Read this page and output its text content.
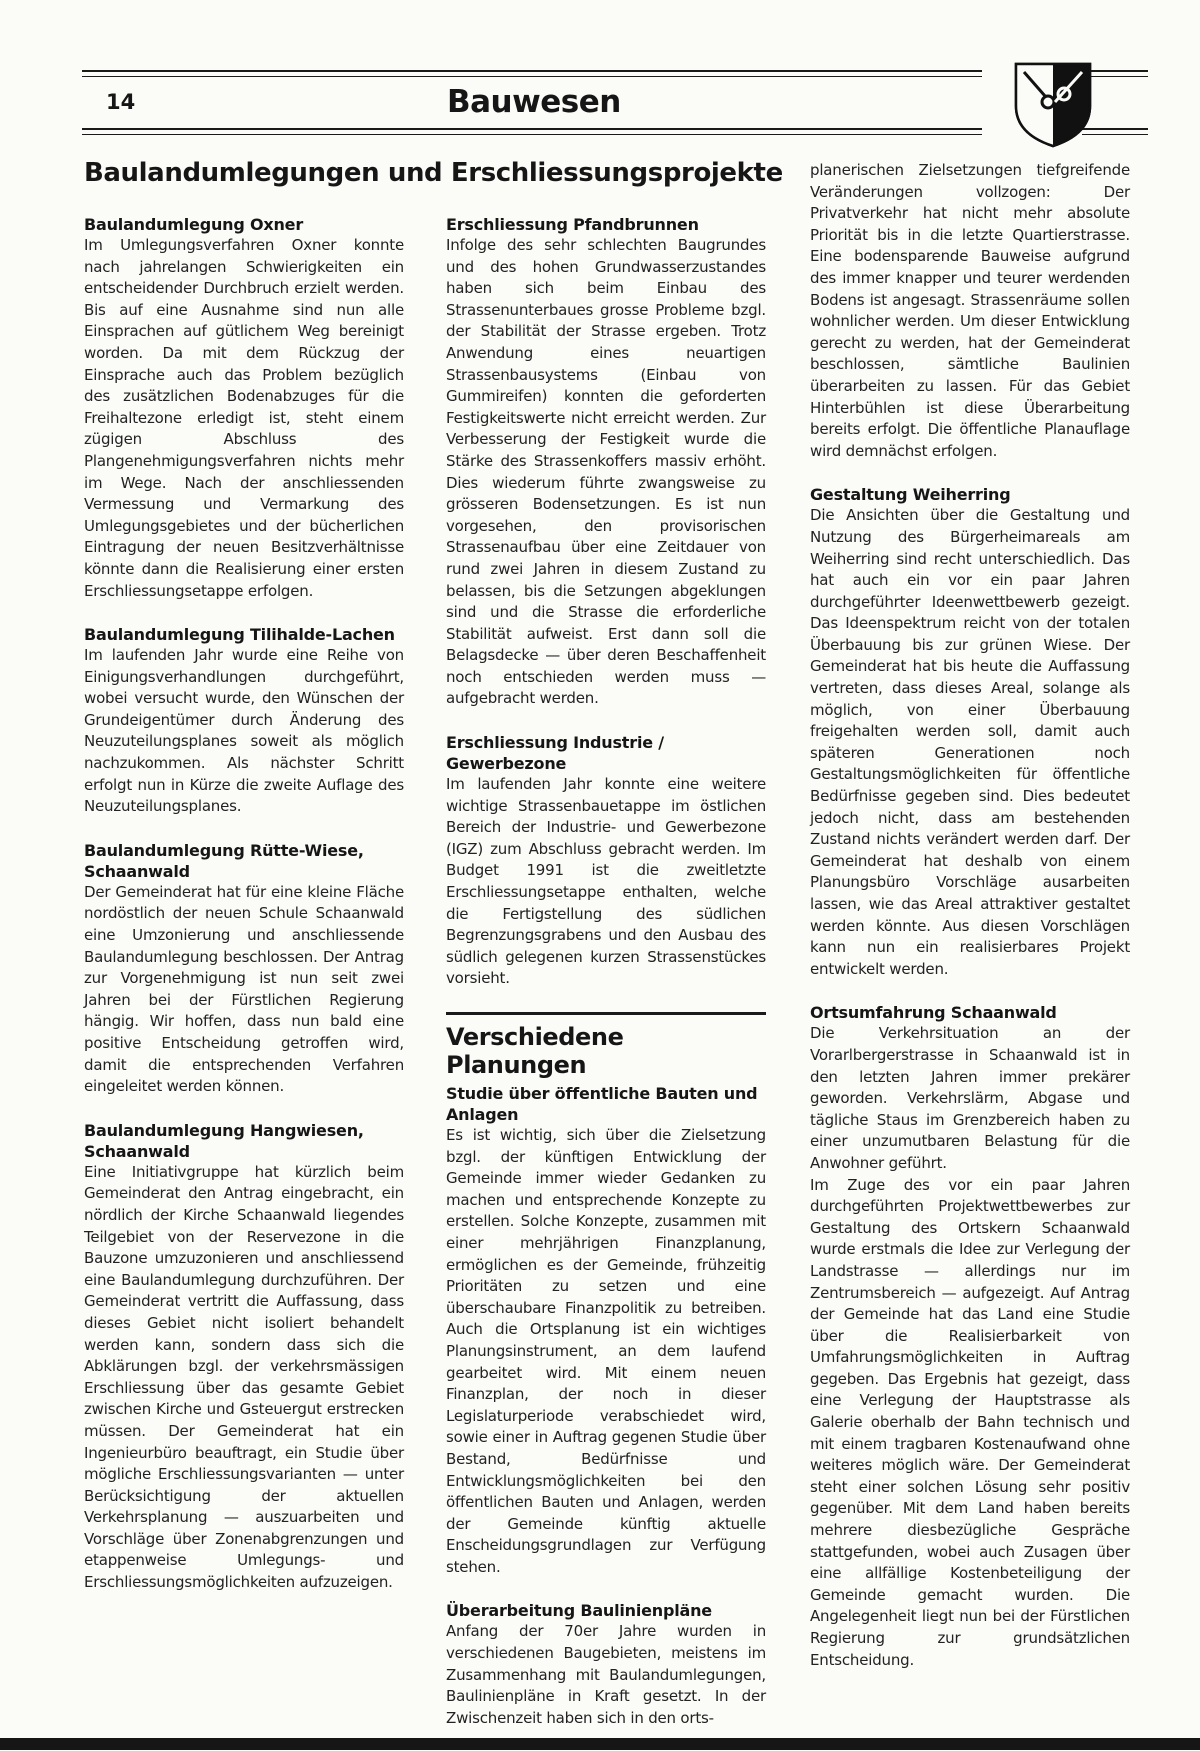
14	Bauwesen
Baulandumlegungen und Erschliessungsprojekte
Baulandumlegung Oxner

Im Umlegungsverfahren Oxner konnte nach jahrelangen Schwierigkeiten ein entscheidender Durchbruch erzielt werden. Bis auf eine Ausnahme sind nun alle Einsprachen auf gütlichem Weg bereinigt worden. Da mit dem Rückzug der Einsprache auch das Problem bezüglich des zusätzlichen Bodenabzuges für die Freihaltezone erledigt ist, steht einem zügigen Abschluss des Plangenehmigungsverfahren nichts mehr im Wege. Nach der anschliessenden Vermessung und Vermarkung des Umlegungsgebietes und der bücherlichen Eintragung der neuen Besitzverhältnisse könnte dann die Realisierung einer ersten Erschliessungsetappe erfolgen.

Baulandumlegung Tilihalde-Lachen

Im laufenden Jahr wurde eine Reihe von Einigungsverhandlungen durchgeführt, wobei versucht wurde, den Wünschen der Grundeigentümer durch Änderung des Neuzuteilungsplanes soweit als möglich nachzukommen. Als nächster Schritt erfolgt nun in Kürze die zweite Auflage des Neuzuteilungsplanes.

Baulandumlegung Rütte-Wiese, Schaanwald

Der Gemeinderat hat für eine kleine Fläche nordöstlich der neuen Schule Schaanwald eine Umzonierung und anschliessende Baulandumlegung beschlossen. Der Antrag zur Vorgenehmigung ist nun seit zwei Jahren bei der Fürstlichen Regierung hängig. Wir hoffen, dass nun bald eine positive Entscheidung getroffen wird, damit die entsprechenden Verfahren eingeleitet werden können.

Baulandumlegung Hangwiesen, Schaanwald

Eine Initiativgruppe hat kürzlich beim Gemeinderat den Antrag eingebracht, ein nördlich der Kirche Schaanwald liegendes Teilgebiet von der Reservezone in die Bauzone umzuzonieren und anschliessend eine Baulandumlegung durchzuführen. Der Gemeinderat vertritt die Auffassung, dass dieses Gebiet nicht isoliert behandelt werden kann, sondern dass sich die Abklärungen bzgl. der verkehrsmässigen Erschliessung über das gesamte Gebiet zwischen Kirche und Gsteuergut erstrecken müssen. Der Gemeinderat hat ein Ingenieurbüro beauftragt, ein Studie über mögliche Erschliessungsvarianten — unter Berücksichtigung der aktuellen Verkehrsplanung — auszuarbeiten und Vorschläge über Zonenabgrenzungen und etappenweise Umlegungs- und Erschliessungsmöglichkeiten aufzuzeigen.

Erschliessung Pfandbrunnen

Infolge des sehr schlechten Baugrundes und des hohen Grundwasserzustandes haben sich beim Einbau des Strassenunterbaues grosse Probleme bzgl. der Stabilität der Strasse ergeben. Trotz Anwendung eines neuartigen Strassenbausystems (Einbau von Gummireifen) konnten die geforderten Festigkeitswerte nicht erreicht werden. Zur Verbesserung der Festigkeit wurde die Stärke des Strassenkoffers massiv erhöht. Dies wiederum führte zwangsweise zu grösseren Bodensetzungen. Es ist nun vorgesehen, den provisorischen Strassenaufbau über eine Zeitdauer von rund zwei Jahren in diesem Zustand zu belassen, bis die Setzungen abgeklungen sind und die Strasse die erforderliche Stabilität aufweist. Erst dann soll die Belagsdecke — über deren Beschaffenheit noch entschieden werden muss — aufgebracht werden.

Erschliessung Industrie / Gewerbezone

Im laufenden Jahr konnte eine weitere wichtige Strassenbauetappe im östlichen Bereich der Industrie- und Gewerbezone (IGZ) zum Abschluss gebracht werden. Im Budget 1991 ist die zweitletzte Erschliessungsetappe enthalten, welche die Fertigstellung des südlichen Begrenzungsgrabens und den Ausbau des südlich gelegenen kurzen Strassenstückes vorsieht.

Verschiedene Planungen
Studie über öffentliche Bauten und Anlagen

Es ist wichtig, sich über die Zielsetzung bzgl. der künftigen Entwicklung der Gemeinde immer wieder Gedanken zu machen und entsprechende Konzepte zu erstellen. Solche Konzepte, zusammen mit einer mehrjährigen Finanzplanung, ermöglichen es der Gemeinde, frühzeitig Prioritäten zu setzen und eine überschaubare Finanzpolitik zu betreiben. Auch die Ortsplanung ist ein wichtiges Planungsinstrument, an dem laufend gearbeitet wird. Mit einem neuen Finanzplan, der noch in dieser Legislaturperiode verabschiedet wird, sowie einer in Auftrag gegenen Studie über Bestand, Bedürfnisse und Entwicklungsmöglichkeiten bei den öffentlichen Bauten und Anlagen, werden der Gemeinde künftig aktuelle Enscheidungsgrundlagen zur Verfügung stehen.

Überarbeitung Baulinienpläne

Anfang der 70er Jahre wurden in verschiedenen Baugebieten, meistens im Zusammenhang mit Baulandumlegungen, Baulinienpläne in Kraft gesetzt. In der Zwischenzeit haben sich in den orts-

planerischen Zielsetzungen tiefgreifende Veränderungen vollzogen: Der Privatverkehr hat nicht mehr absolute Priorität bis in die letzte Quartierstrasse. Eine bodensparende Bauweise aufgrund des immer knapper und teurer werdenden Bodens ist angesagt. Strassenräume sollen wohnlicher werden. Um dieser Entwicklung gerecht zu werden, hat der Gemeinderat beschlossen, sämtliche Baulinien überarbeiten zu lassen. Für das Gebiet Hinterbühlen ist diese Überarbeitung bereits erfolgt. Die öffentliche Planauflage wird demnächst erfolgen.

Gestaltung Weiherring

Die Ansichten über die Gestaltung und Nutzung des Bürgerheimareals am Weiherring sind recht unterschiedlich. Das hat auch ein vor ein paar Jahren durchgeführter Ideenwettbewerb gezeigt. Das Ideenspektrum reicht von der totalen Überbauung bis zur grünen Wiese. Der Gemeinderat hat bis heute die Auffassung vertreten, dass dieses Areal, solange als möglich, von einer Überbauung freigehalten werden soll, damit auch späteren Generationen noch Gestaltungsmöglichkeiten für öffentliche Bedürfnisse gegeben sind. Dies bedeutet jedoch nicht, dass am bestehenden Zustand nichts verändert werden darf. Der Gemeinderat hat deshalb von einem Planungsbüro Vorschläge ausarbeiten lassen, wie das Areal attraktiver gestaltet werden könnte. Aus diesen Vorschlägen kann nun ein realisierbares Projekt entwickelt werden.

Ortsumfahrung Schaanwald

Die Verkehrsituation an der Vorarlbergerstrasse in Schaanwald ist in den letzten Jahren immer prekärer geworden. Verkehrslärm, Abgase und tägliche Staus im Grenzbereich haben zu einer unzumutbaren Belastung für die Anwohner geführt.
Im Zuge des vor ein paar Jahren durchgeführten Projektwettbewerbes zur Gestaltung des Ortskern Schaanwald wurde erstmals die Idee zur Verlegung der Landstrasse — allerdings nur im Zentrumsbereich — aufgezeigt. Auf Antrag der Gemeinde hat das Land eine Studie über die Realisierbarkeit von Umfahrungsmöglichkeiten in Auftrag gegeben. Das Ergebnis hat gezeigt, dass eine Verlegung der Hauptstrasse als Galerie oberhalb der Bahn technisch und mit einem tragbaren Kostenaufwand ohne weiteres möglich wäre. Der Gemeinderat steht einer solchen Lösung sehr positiv gegenüber. Mit dem Land haben bereits mehrere diesbezügliche Gespräche stattgefunden, wobei auch Zusagen über eine allfällige Kostenbeteiligung der Gemeinde gemacht wurden. Die Angelegenheit liegt nun bei der Fürstlichen Regierung zur grundsätzlichen Entscheidung.
